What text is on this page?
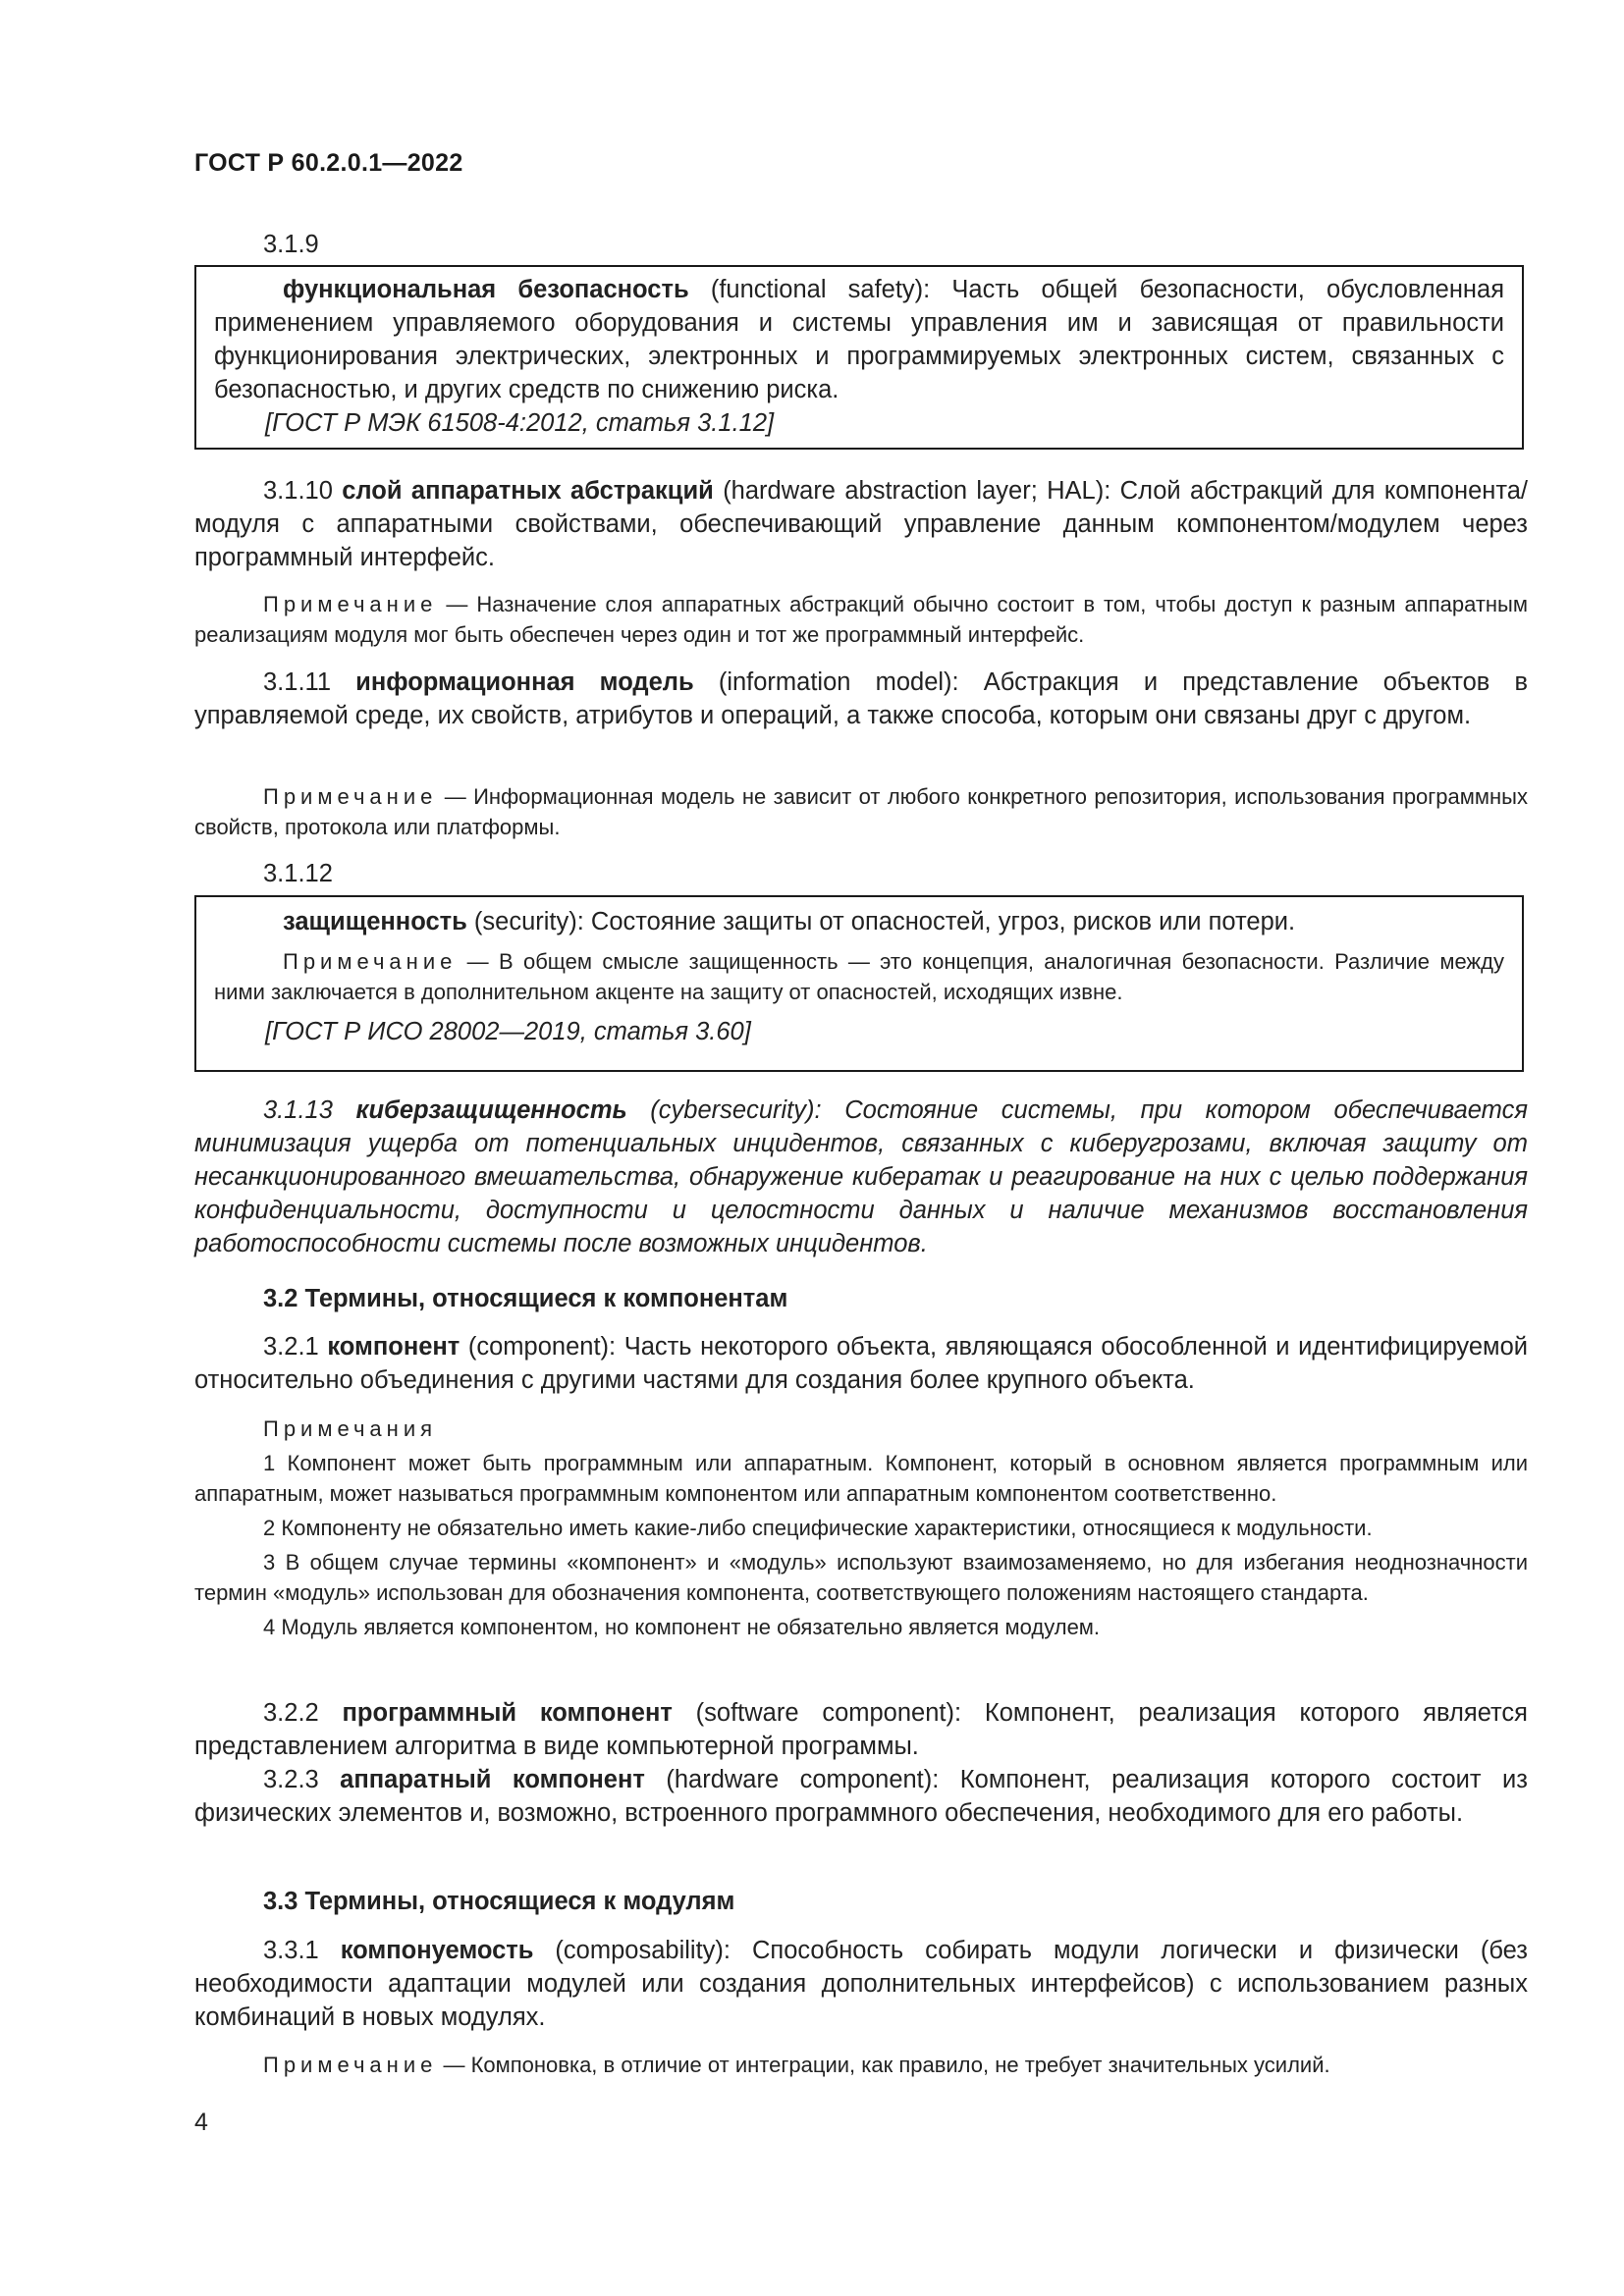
ГОСТ Р 60.2.0.1—2022

3.1.9

функциональная безопасность (functional safety): Часть общей безопасности, обусловленная применением управляемого оборудования и системы управления им и зависящая от правильности функционирования электрических, электронных и программируемых электронных систем, связанных с безопасностью, и других средств по снижению риска.

[ГОСТ Р МЭК 61508-4:2012, статья 3.1.12]

3.1.10 слой аппаратных абстракций (hardware abstraction layer; HAL): Слой абстракций для компонента/модуля с аппаратными свойствами, обеспечивающий управление данным компонентом/модулем через программный интерфейс.

Примечание — Назначение слоя аппаратных абстракций обычно состоит в том, чтобы доступ к разным аппаратным реализациям модуля мог быть обеспечен через один и тот же программный интерфейс.

3.1.11 информационная модель (information model): Абстракция и представление объектов в управляемой среде, их свойств, атрибутов и операций, а также способа, которым они связаны друг с другом.

Примечание — Информационная модель не зависит от любого конкретного репозитория, использования программных свойств, протокола или платформы.

3.1.12

защищенность (security): Состояние защиты от опасностей, угроз, рисков или потери.

Примечание — В общем смысле защищенность — это концепция, аналогичная безопасности. Различие между ними заключается в дополнительном акценте на защиту от опасностей, исходящих извне.

[ГОСТ Р ИСО 28002—2019, статья 3.60]

3.1.13 киберзащищенность (cybersecurity): Состояние системы, при котором обеспечивается минимизация ущерба от потенциальных инцидентов, связанных с киберугрозами, включая защиту от несанкционированного вмешательства, обнаружение кибератак и реагирование на них с целью поддержания конфиденциальности, доступности и целостности данных и наличие механизмов восстановления работоспособности системы после возможных инцидентов.

3.2 Термины, относящиеся к компонентам

3.2.1 компонент (component): Часть некоторого объекта, являющаяся обособленной и идентифицируемой относительно объединения с другими частями для создания более крупного объекта.

Примечания

1 Компонент может быть программным или аппаратным. Компонент, который в основном является программным или аппаратным, может называться программным компонентом или аппаратным компонентом соответственно.

2 Компоненту не обязательно иметь какие-либо специфические характеристики, относящиеся к модульности.

3 В общем случае термины «компонент» и «модуль» используют взаимозаменяемо, но для избегания неоднозначности термин «модуль» использован для обозначения компонента, соответствующего положениям настоящего стандарта.

4 Модуль является компонентом, но компонент не обязательно является модулем.

3.2.2 программный компонент (software component): Компонент, реализация которого является представлением алгоритма в виде компьютерной программы.

3.2.3 аппаратный компонент (hardware component): Компонент, реализация которого состоит из физических элементов и, возможно, встроенного программного обеспечения, необходимого для его работы.

3.3 Термины, относящиеся к модулям

3.3.1 компонуемость (composability): Способность собирать модули логически и физически (без необходимости адаптации модулей или создания дополнительных интерфейсов) с использованием разных комбинаций в новых модулях.

Примечание — Компоновка, в отличие от интеграции, как правило, не требует значительных усилий.

4
